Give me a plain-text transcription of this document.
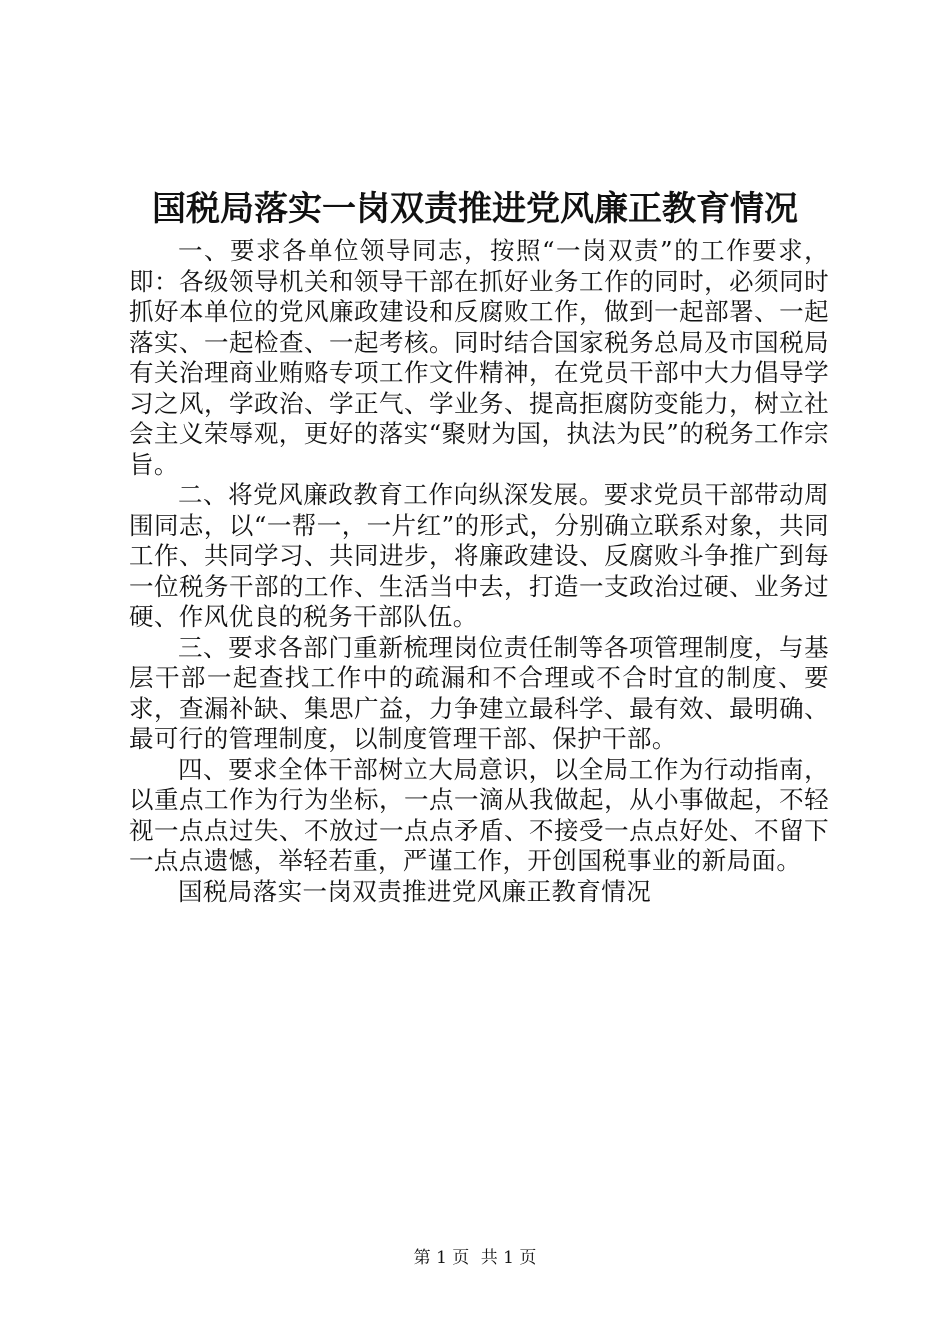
国税局落实一岗双责推进党风廉正教育情况

一、要求各单位领导同志，按照“一岗双责”的工作要求，即：各级领导机关和领导干部在抓好业务工作的同时，必须同时抓好本单位的党风廉政建设和反腐败工作，做到一起部署、一起落实、一起检查、一起考核。同时结合国家税务总局及市国税局有关治理商业贿赂专项工作文件精神，在党员干部中大力倡导学习之风，学政治、学正气、学业务、提高拒腐防变能力，树立社会主义荣辱观，更好的落实“聚财为国，执法为民”的税务工作宗旨。

二、将党风廉政教育工作向纵深发展。要求党员干部带动周围同志，以“一帮一，一片红”的形式，分别确立联系对象，共同工作、共同学习、共同进步，将廉政建设、反腐败斗争推广到每一位税务干部的工作、生活当中去，打造一支政治过硬、业务过硬、作风优良的税务干部队伍。

三、要求各部门重新梳理岗位责任制等各项管理制度，与基层干部一起查找工作中的疏漏和不合理或不合时宜的制度、要求，查漏补缺、集思广益，力争建立最科学、最有效、最明确、最可行的管理制度，以制度管理干部、保护干部。

四、要求全体干部树立大局意识，以全局工作为行动指南，以重点工作为行为坐标，一点一滴从我做起，从小事做起，不轻视一点点过失、不放过一点点矛盾、不接受一点点好处、不留下一点点遗憾，举轻若重，严谨工作，开创国税事业的新局面。

国税局落实一岗双责推进党风廉正教育情况

第 1 页 共 1 页
